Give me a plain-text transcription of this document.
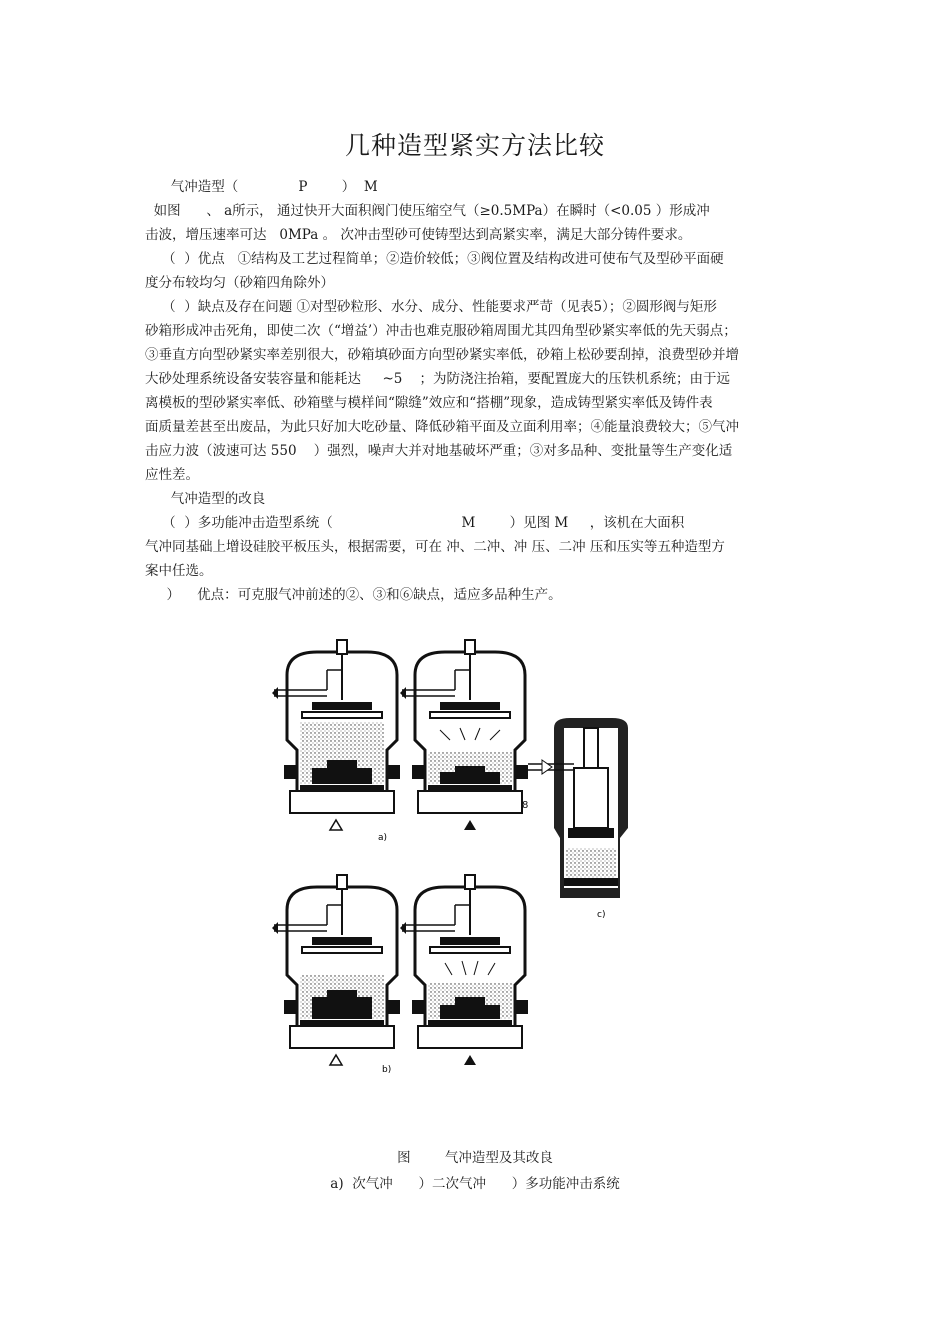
几种造型紧实方法比较
气冲造型（              P        ）  M
如图      、 a所示， 通过快开大面积阀门使压缩空气（≥0.5MPa）在瞬时（<0.05 ）形成冲
击波，增压速率可达   0MPa 。 次冲击型砂可使铸型达到高紧实率，满足大部分铸件要求。
（  ）优点   ①结构及工艺过程简单；②造价较低；③阀位置及结构改进可使布气及型砂平面硬
度分布较均匀（砂箱四角除外）
（  ）缺点及存在问题 ①对型砂粒形、水分、成分、性能要求严苛（见表5）；②圆形阀与矩形
砂箱形成冲击死角，即使二次（“增益’）冲击也难克服砂箱周围尤其四角型砂紧实率低的先天弱点；
③垂直方向型砂紧实率差别很大，砂箱填砂面方向型砂紧实率低，砂箱上松砂要刮掉，浪费型砂并增
大砂处理系统设备安装容量和能耗达     ~5    ；为防浇注抬箱，要配置庞大的压铁机系统；由于远
离模板的型砂紧实率低、砂箱壁与模样间“隙缝”效应和“搭棚”现象，造成铸型紧实率低及铸件表
面质量差甚至出废品，为此只好加大吃砂量、降低砂箱平面及立面利用率；④能量浪费较大；⑤气冲
击应力波（波速可达 550    ）强烈，噪声大并对地基破坏严重；③对多品种、变批量等生产变化适
应性差。
气冲造型的改良
（  ）多功能冲击造型系统（                              M        ）见图 M     ，该机在大面积
气冲同基础上增设硅胶平板压头，根据需要，可在 冲、二冲、冲 压、二冲 压和压实等五种造型方
案中任选。
）    优点：可克服气冲前述的②、③和⑥缺点，适应多品种生产。
a)
b)
8
c)
图        气冲造型及其改良
a)  次气冲      ）二次气冲      ）多功能冲击系统
